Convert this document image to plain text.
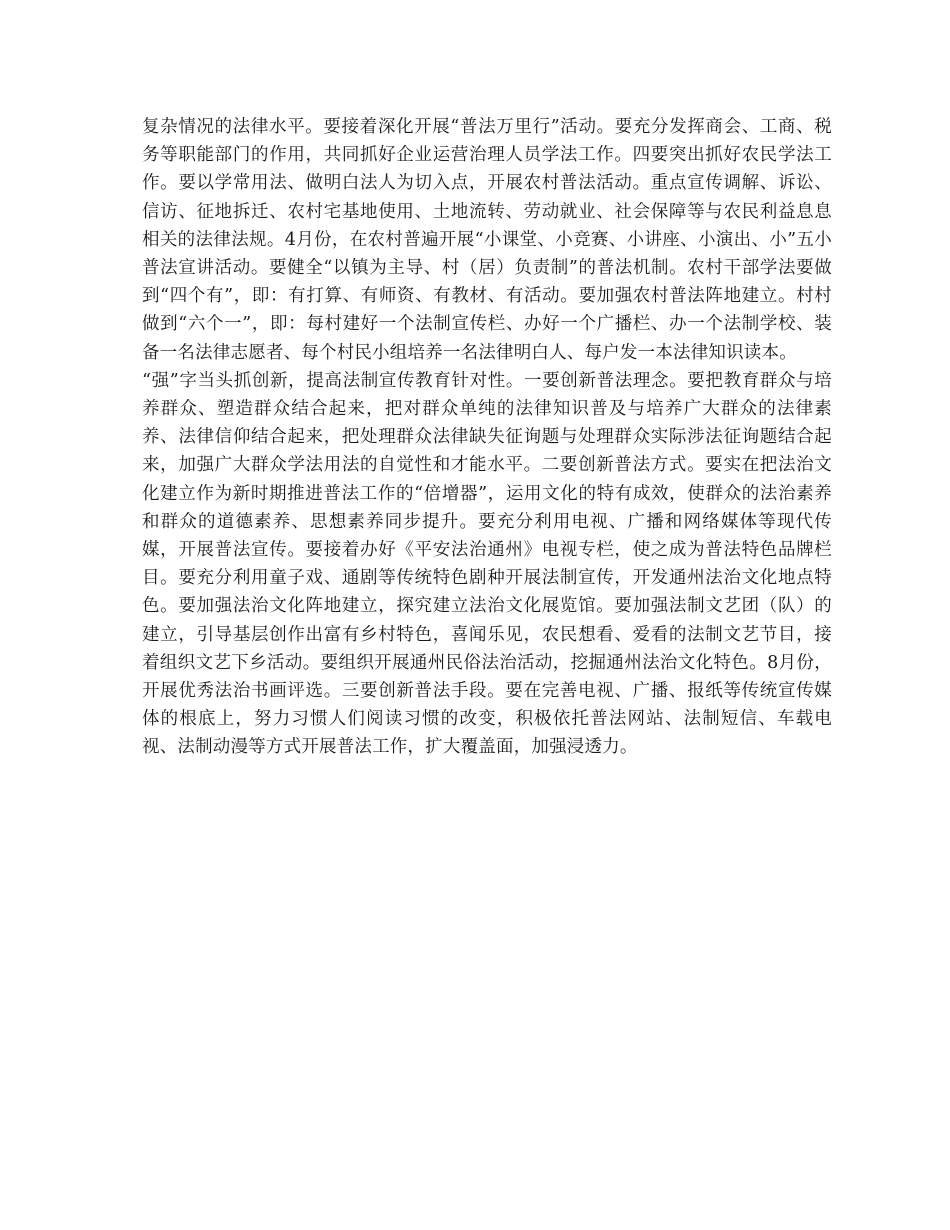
复杂情况的法律水平。要接着深化开展“普法万里行”活动。要充分发挥商会、工商、税务等职能部门的作用，共同抓好企业运营治理人员学法工作。四要突出抓好农民学法工作。要以学常用法、做明白法人为切入点，开展农村普法活动。重点宣传调解、诉讼、信访、征地拆迁、农村宅基地使用、土地流转、劳动就业、社会保障等与农民利益息息相关的法律法规。4月份，在农村普遍开展“小课堂、小竞赛、小讲座、小演出、小”五小普法宣讲活动。要健全“以镇为主导、村（居）负责制”的普法机制。农村干部学法要做到“四个有”，即：有打算、有师资、有教材、有活动。要加强农村普法阵地建立。村村做到“六个一”，即：每村建好一个法制宣传栏、办好一个广播栏、办一个法制学校、装备一名法律志愿者、每个村民小组培养一名法律明白人、每户发一本法律知识读本。

“强”字当头抓创新，提高法制宣传教育针对性。一要创新普法理念。要把教育群众与培养群众、塑造群众结合起来，把对群众单纯的法律知识普及与培养广大群众的法律素养、法律信仰结合起来，把处理群众法律缺失征询题与处理群众实际涉法征询题结合起来，加强广大群众学法用法的自觉性和才能水平。二要创新普法方式。要实在把法治文化建立作为新时期推进普法工作的“倍增器”，运用文化的特有成效，使群众的法治素养和群众的道德素养、思想素养同步提升。要充分利用电视、广播和网络媒体等现代传媒，开展普法宣传。要接着办好《平安法治通州》电视专栏，使之成为普法特色品牌栏目。要充分利用童子戏、通剧等传统特色剧种开展法制宣传，开发通州法治文化地点特色。要加强法治文化阵地建立，探究建立法治文化展览馆。要加强法制文艺团（队）的建立，引导基层创作出富有乡村特色，喜闻乐见，农民想看、爱看的法制文艺节目，接着组织文艺下乡活动。要组织开展通州民俗法治活动，挖掘通州法治文化特色。8月份，开展优秀法治书画评选。三要创新普法手段。要在完善电视、广播、报纸等传统宣传媒体的根底上，努力习惯人们阅读习惯的改变，积极依托普法网站、法制短信、车载电视、法制动漫等方式开展普法工作，扩大覆盖面，加强浸透力。
